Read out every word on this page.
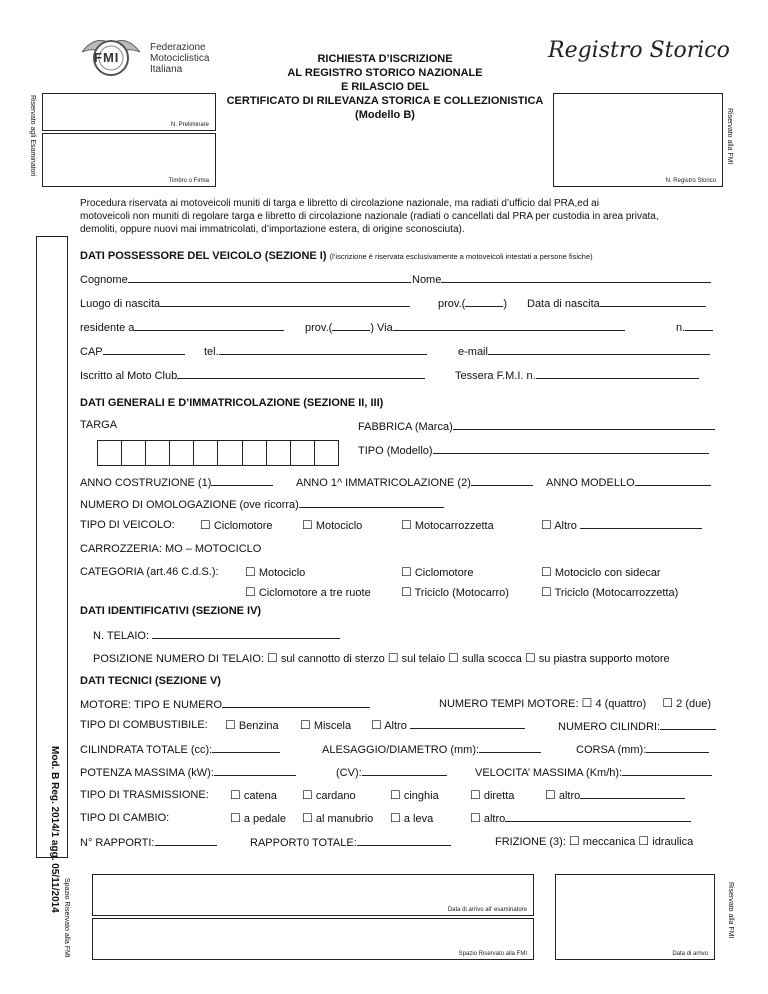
FMI
Federazione
Motociclistica
Italiana
RICHIESTA D’ISCRIZIONE
AL REGISTRO STORICO NAZIONALE
E RILASCIO DEL
CERTIFICATO DI RILEVANZA STORICA E COLLEZIONISTICA
(Modello B)
Registro Storico
Riservato agli Esaminatori	Riservato alla FMI
N. Preliminare
Timbro o Firma	N. Registro Storico
Procedura riservata ai motoveicoli muniti di targa e libretto di circolazione nazionale, ma radiati d’ufficio dal PRA,ed ai
motoveicoli non muniti di regolare targa e libretto di circolazione nazionale (radiati o cancellati dal PRA per custodia in area privata,
demoliti, oppure nuovi mai immatricolati, d’importazione estera, di origine sconosciuta).
Mod. B Reg. 2014/1 agg. 05/11/2014
DATI POSSESSORE DEL VEICOLO (SEZIONE I) (l’iscrizione è riservata esclusivamente a motoveicoli intestati a persone fisiche)
Cognome	Nome
Luogo di nascita	prov.(	) Data di nascita
residente a	prov.(	) Via	n.
CAP	tel.	e-mail
Iscritto al Moto Club	Tessera F.M.I. n.
DATI GENERALI E D’IMMATRICOLAZIONE (SEZIONE II, III)
TARGA	FABBRICA (Marca)
TIPO (Modello)
ANNO COSTRUZIONE (1)	ANNO 1^ IMMATRICOLAZIONE (2)	ANNO MODELLO
NUMERO DI OMOLOGAZIONE (ove ricorra)
TIPO DI VEICOLO: ☐ Ciclomotore ☐ Motociclo	☐ Motocarrozzetta	☐ Altro
CARROZZERIA: MO – MOTOCICLO
CATEGORIA (art.46 C.d.S.): ☐ Motociclo	☐ Ciclomotore	☐ Motociclo con sidecar
☐ Ciclomotore a tre ruote	☐ Triciclo (Motocarro)	☐ Triciclo (Motocarrozzetta)
DATI IDENTIFICATIVI (SEZIONE IV)
N. TELAIO:
POSIZIONE NUMERO DI TELAIO: ☐ sul cannotto di sterzo ☐ sul telaio ☐ sulla scocca ☐ su piastra supporto motore
DATI TECNICI (SEZIONE V)
MOTORE: TIPO E NUMERO	NUMERO TEMPI MOTORE: ☐ 4 (quattro) ☐ 2 (due)
TIPO DI COMBUSTIBILE: ☐ Benzina ☐ Miscela ☐ Altro	NUMERO CILINDRI:
CILINDRATA TOTALE (cc):	ALESAGGIO/DIAMETRO (mm):	CORSA (mm):
POTENZA MASSIMA (kW):	(CV):	VELOCITA’ MASSIMA (Km/h):
TIPO DI TRASMISSIONE: ☐ catena ☐ cardano	☐ cinghia	☐ diretta	☐ altro
TIPO DI CAMBIO:	☐ a pedale ☐ al manubrio ☐ a leva	☐ altro
N° RAPPORTI:	RAPPORT0 TOTALE:	FRIZIONE (3): ☐ meccanica ☐ idraulica
Spazio Riservato alla FMI	Riservato alla FMI
Data di arrivo all’ esaminatore
Spazio Riservato alla FMI	Data di arrivo
